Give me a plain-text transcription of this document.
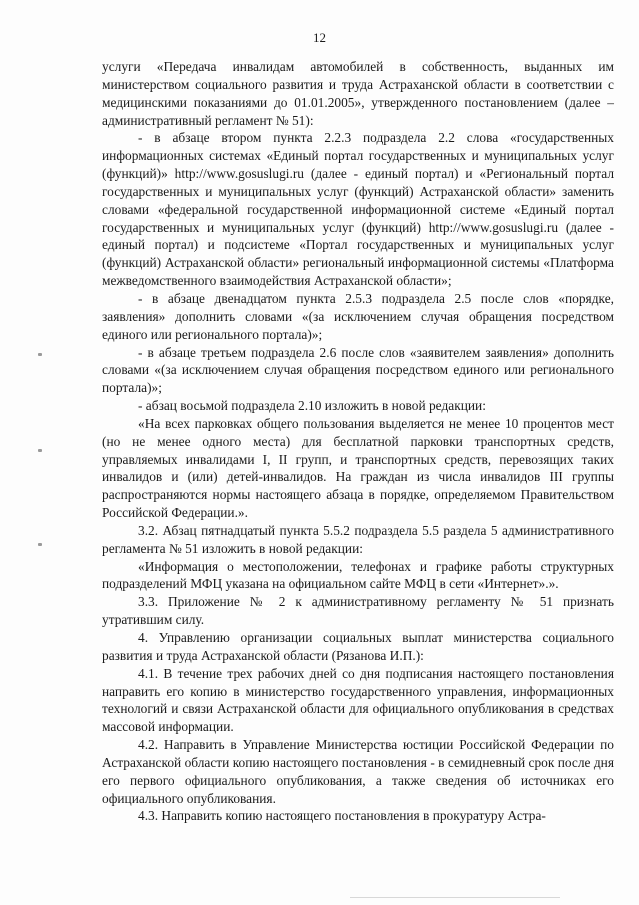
12

услуги «Передача инвалидам автомобилей в собственность, выданных им министерством социального развития и труда Астраханской области в соответствии с медицинскими показаниями до 01.01.2005», утвержденного постановлением (далее – административный регламент № 51):

- в абзаце втором пункта 2.2.3 подраздела 2.2 слова «государственных информационных системах «Единый портал государственных и муниципальных услуг (функций)» http://www.gosuslugi.ru (далее - единый портал) и «Региональный портал государственных и муниципальных услуг (функций) Астраханской области» заменить словами «федеральной государственной информационной системе «Единый портал государственных и муниципальных услуг (функций) http://www.gosuslugi.ru (далее - единый портал) и подсистеме «Портал государственных и муниципальных услуг (функций) Астраханской области» региональный информационной системы «Платформа межведомственного взаимодействия Астраханской области»;

- в абзаце двенадцатом пункта 2.5.3 подраздела 2.5 после слов «порядке, заявления» дополнить словами «(за исключением случая обращения посредством единого или регионального портала)»;

- в абзаце третьем подраздела 2.6 после слов «заявителем заявления» дополнить словами «(за исключением случая обращения посредством единого или регионального портала)»;

- абзац восьмой подраздела 2.10 изложить в новой редакции:

«На всех парковках общего пользования выделяется не менее 10 процентов мест (но не менее одного места) для бесплатной парковки транспортных средств, управляемых инвалидами I, II групп, и транспортных средств, перевозящих таких инвалидов и (или) детей-инвалидов. На граждан из числа инвалидов III группы распространяются нормы настоящего абзаца в порядке, определяемом Правительством Российской Федерации.».

3.2. Абзац пятнадцатый пункта 5.5.2 подраздела 5.5 раздела 5 административного регламента № 51 изложить в новой редакции:

«Информация о местоположении, телефонах и графике работы структурных подразделений МФЦ указана на официальном сайте МФЦ в сети «Интернет».».

3.3. Приложение № 2 к административному регламенту № 51 признать утратившим силу.

4. Управлению организации социальных выплат министерства социального развития и труда Астраханской области (Рязанова И.П.):

4.1. В течение трех рабочих дней со дня подписания настоящего постановления направить его копию в министерство государственного управления, информационных технологий и связи Астраханской области для официального опубликования в средствах массовой информации.

4.2. Направить в Управление Министерства юстиции Российской Федерации по Астраханской области копию настоящего постановления - в семидневный срок после дня его первого официального опубликования, а также сведения об источниках его официального опубликования.

4.3. Направить копию настоящего постановления в прокуратуру Астра-
